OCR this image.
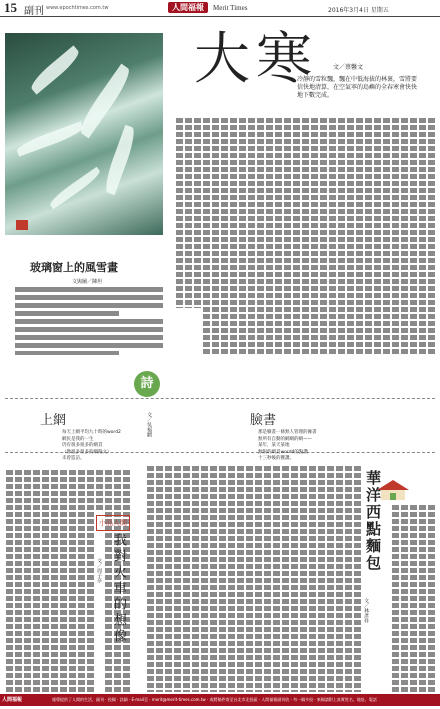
15 副刊 www.epochtimes.com.tw	人間福報	Merit Times	2016年3月4日 星期五
玻璃窗上的風雪畫
文與圖／陳坦
大寒	文／蔡馨文
冷靜的雪粒飄，飄在中低海拔的林裏，雪將要信快地清算，在空氣寧的島嶼的全春寒會快快地下數完成。
詩
上網	臉書
每天上網平均九十時的word2
網民是我的一生
仍有很多很多的網頁
（像很多很多的網路文）
未曾造訪。
那是臉書一條無人管理的擁書
無所有自動的網網的網——
某年，某天某地
無限的網頁word4的點讚
十三秒後的獲讚。
文／吳福麒
小品人間
我對火車的想像
文／周子亭	華洋西點麵包
文／林彥祥
人間福報	報導提供了人間的生活、副刊 · 投稿 · 詳細 · E-mail至 · merit@merit-times.com.tw · 或將稿件寄至台北市北投區 · 人間福報副刊收 · 勿一稿多投 · 來稿請附上真實姓名、地址、電話
